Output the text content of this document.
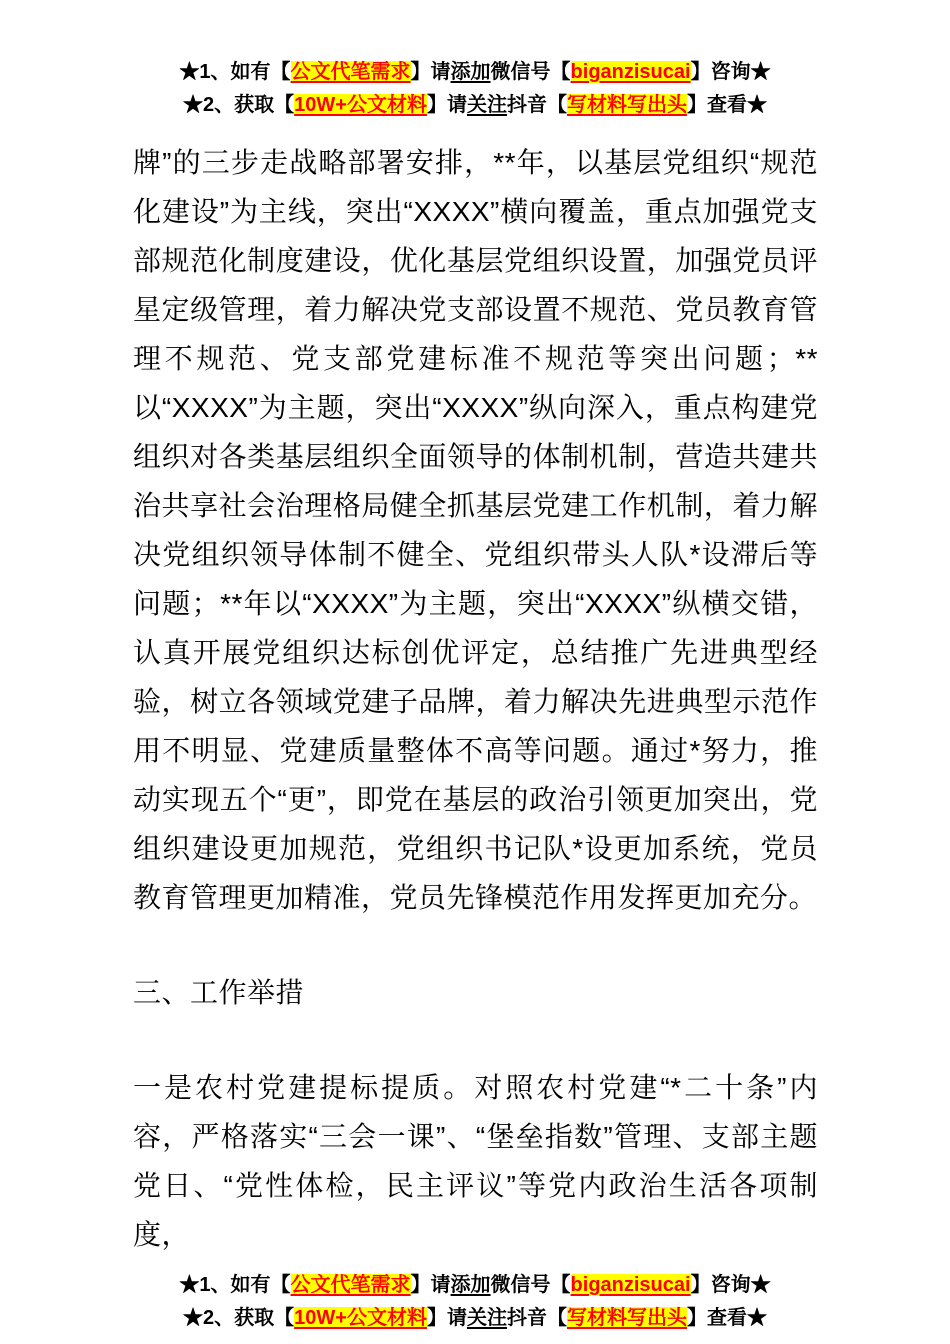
★1、如有【公文代笔需求】请添加微信号【biganzisucai】咨询★

★2、获取【10W+公文材料】请关注抖音【写材料写出头】查看★

牌”的三步走战略部署安排，**年，以基层党组织“规范化建设”为主线，突出“XXXX”横向覆盖，重点加强党支部规范化制度建设，优化基层党组织设置，加强党员评星定级管理，着力解决党支部设置不规范、党员教育管理不规范、党支部党建标准不规范等突出问题；**以“XXXX”为主题，突出“XXXX”纵向深入，重点构建党组织对各类基层组织全面领导的体制机制，营造共建共治共享社会治理格局健全抓基层党建工作机制，着力解决党组织领导体制不健全、党组织带头人队*设滞后等问题；**年以“XXXX”为主题，突出“XXXX”纵横交错，认真开展党组织达标创优评定，总结推广先进典型经验，树立各领域党建子品牌，着力解决先进典型示范作用不明显、党建质量整体不高等问题。通过*努力，推动实现五个“更”，即党在基层的政治引领更加突出，党组织建设更加规范，党组织书记队*设更加系统，党员教育管理更加精准，党员先锋模范作用发挥更加充分。

三、工作举措

一是农村党建提标提质。对照农村党建“*二十条”内容，严格落实“三会一课”、“堡垒指数”管理、支部主题党日、“党性体检，民主评议”等党内政治生活各项制度，

★1、如有【公文代笔需求】请添加微信号【biganzisucai】咨询★

★2、获取【10W+公文材料】请关注抖音【写材料写出头】查看★
